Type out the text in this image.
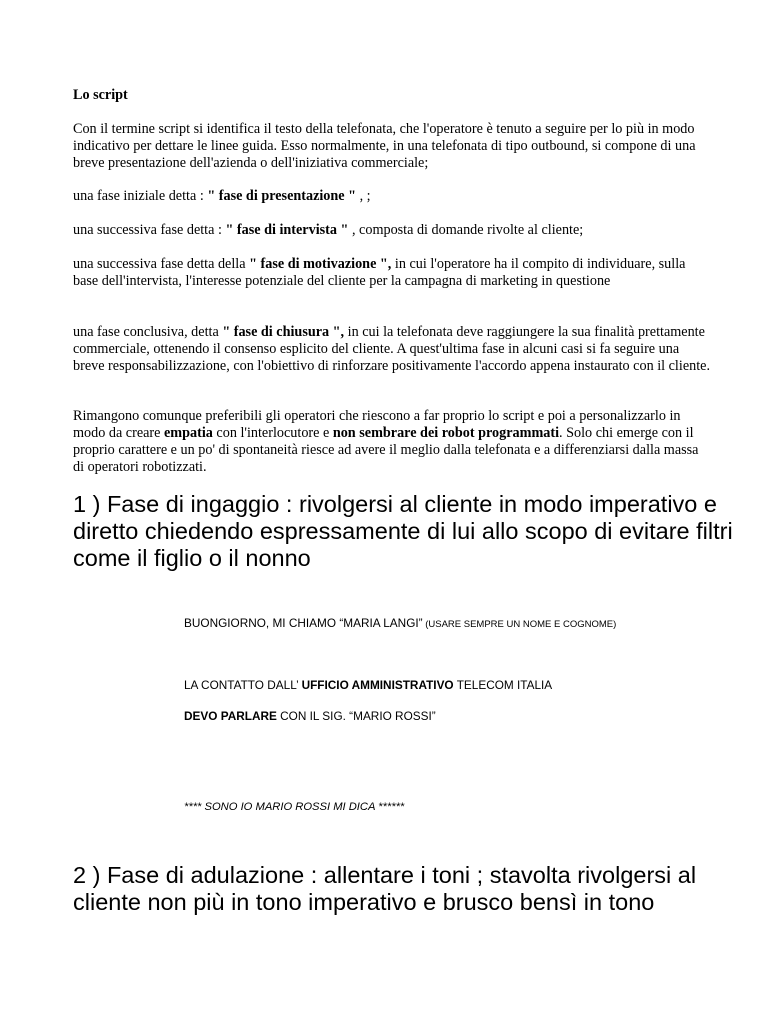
Lo script
Con il termine script si identifica il testo della telefonata, che l'operatore è tenuto a seguire per lo più in modo indicativo per dettare le linee guida. Esso normalmente, in una telefonata di tipo outbound, si compone di una breve presentazione dell'azienda o dell'iniziativa commerciale;
una fase iniziale detta : " fase di presentazione " , ;
una successiva fase detta : " fase di intervista " , composta di domande rivolte al cliente;
una successiva fase detta della " fase di motivazione ", in cui l'operatore ha il compito di individuare, sulla base dell'intervista, l'interesse potenziale del cliente per la campagna di marketing in questione
una fase conclusiva, detta " fase di chiusura ", in cui la telefonata deve raggiungere la sua finalità prettamente commerciale, ottenendo il consenso esplicito del cliente. A quest'ultima fase in alcuni casi si fa seguire una breve responsabilizzazione, con l'obiettivo di rinforzare positivamente l'accordo appena instaurato con il cliente.
Rimangono comunque preferibili gli operatori che riescono a far proprio lo script e poi a personalizzarlo in modo da creare empatia con l'interlocutore e non sembrare dei robot programmati. Solo chi emerge con il proprio carattere e un po' di spontaneità riesce ad avere il meglio dalla telefonata e a differenziarsi dalla massa di operatori robotizzati.
1 ) Fase di ingaggio : rivolgersi al cliente in modo imperativo e diretto chiedendo espressamente di lui allo scopo di evitare filtri come il figlio o il nonno
BUONGIORNO, MI CHIAMO “MARIA LANGI” (USARE SEMPRE UN NOME E COGNOME)
LA CONTATTO DALL’ UFFICIO AMMINISTRATIVO TELECOM ITALIA
DEVO PARLARE CON IL SIG. “MARIO ROSSI”
**** SONO IO MARIO ROSSI MI DICA ******
2 ) Fase di adulazione : allentare i toni ; stavolta rivolgersi al cliente non più in tono imperativo e brusco bensì in tono
